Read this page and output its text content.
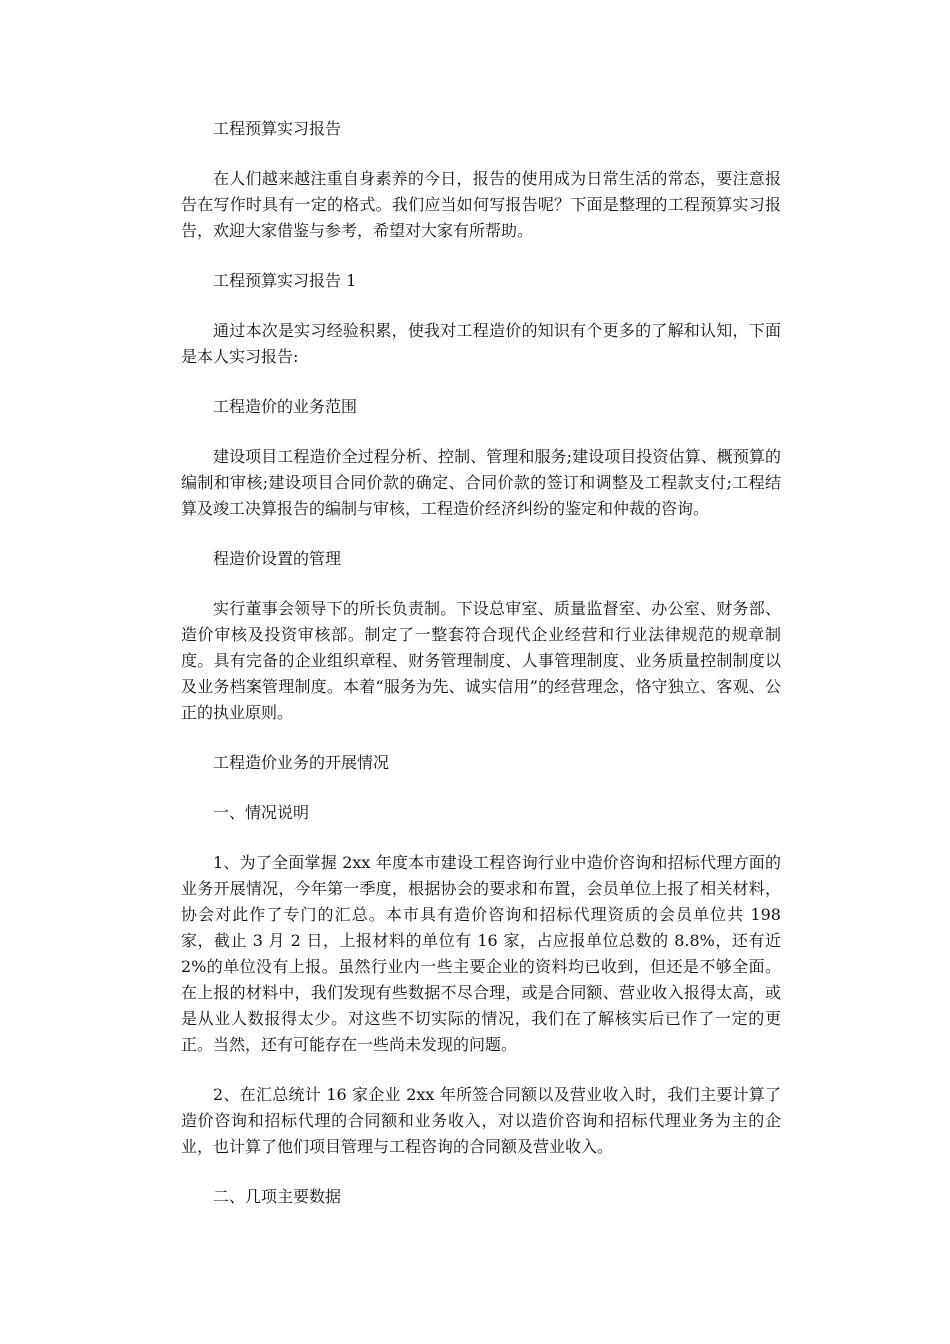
工程预算实习报告

在人们越来越注重自身素养的今日，报告的使用成为日常生活的常态，要注意报告在写作时具有一定的格式。我们应当如何写报告呢？下面是整理的工程预算实习报告，欢迎大家借鉴与参考，希望对大家有所帮助。

工程预算实习报告 1

通过本次是实习经验积累，使我对工程造价的知识有个更多的了解和认知，下面是本人实习报告:

工程造价的业务范围

建设项目工程造价全过程分析、控制、管理和服务;建设项目投资估算、概预算的编制和审核;建设项目合同价款的确定、合同价款的签订和调整及工程款支付;工程结算及竣工决算报告的编制与审核，工程造价经济纠纷的鉴定和仲裁的咨询。

程造价设置的管理

实行董事会领导下的所长负责制。下设总审室、质量监督室、办公室、财务部、造价审核及投资审核部。制定了一整套符合现代企业经营和行业法律规范的规章制度。具有完备的企业组织章程、财务管理制度、人事管理制度、业务质量控制制度以及业务档案管理制度。本着“服务为先、诚实信用”的经营理念，恪守独立、客观、公正的执业原则。

工程造价业务的开展情况

一、情况说明

1、为了全面掌握 2xx 年度本市建设工程咨询行业中造价咨询和招标代理方面的业务开展情况，今年第一季度，根据协会的要求和布置，会员单位上报了相关材料，协会对此作了专门的汇总。本市具有造价咨询和招标代理资质的会员单位共 198 家，截止 3 月 2 日，上报材料的单位有 16 家，占应报单位总数的 8.8%，还有近 2%的单位没有上报。虽然行业内一些主要企业的资料均已收到，但还是不够全面。在上报的材料中，我们发现有些数据不尽合理，或是合同额、营业收入报得太高，或是从业人数报得太少。对这些不切实际的情况，我们在了解核实后已作了一定的更正。当然，还有可能存在一些尚未发现的问题。

2、在汇总统计 16 家企业 2xx 年所签合同额以及营业收入时，我们主要计算了造价咨询和招标代理的合同额和业务收入，对以造价咨询和招标代理业务为主的企业，也计算了他们项目管理与工程咨询的合同额及营业收入。

二、几项主要数据
